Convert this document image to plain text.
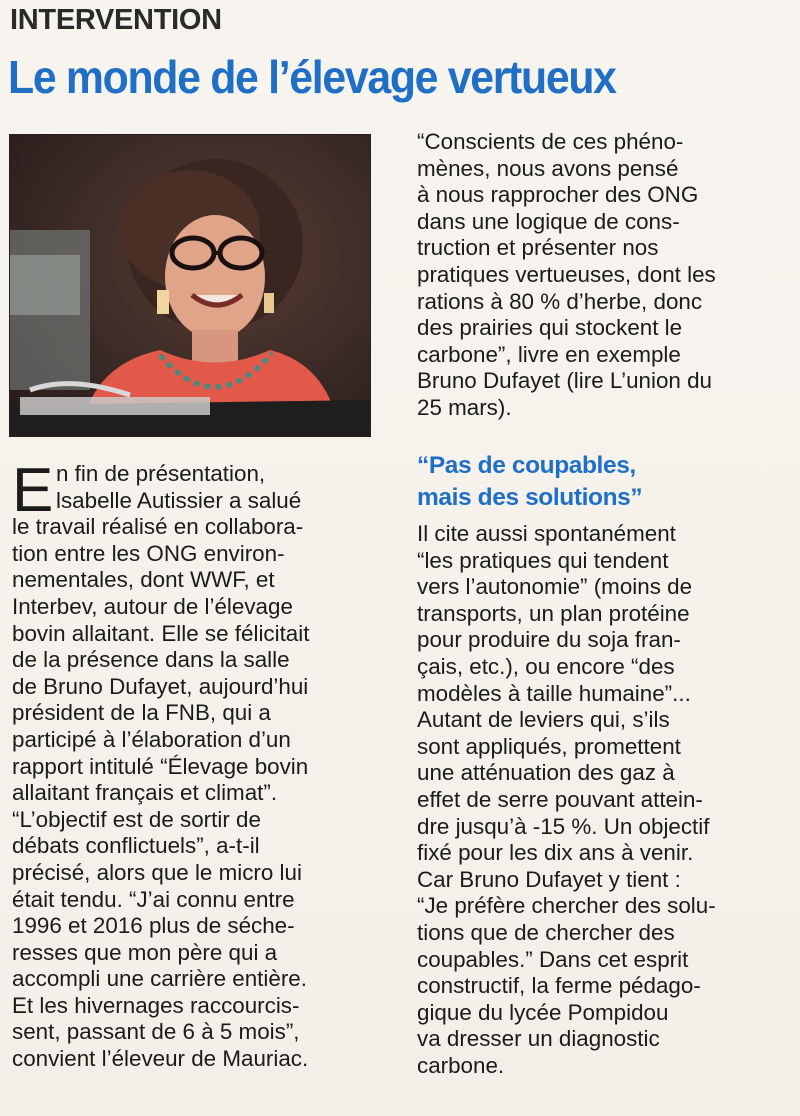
INTERVENTION
Le monde de l’élevage vertueux
“Conscients de ces phéno-
mènes, nous avons pensé
à nous rapprocher des ONG
dans une logique de cons-
truction et présenter nos
pratiques vertueuses, dont les
rations à 80 % d’herbe, donc
des prairies qui stockent le
carbone”, livre en exemple
Bruno Dufayet (lire L’union du
25 mars).
“Pas de coupables,
mais des solutions”
E n fin de présentation,
lsabelle Autissier a salué
le travail réalisé en collabora-
tion entre les ONG environ-
nementales, dont WWF, et
Interbev, autour de l’élevage
bovin allaitant. Elle se félicitait
de la présence dans la salle
de Bruno Dufayet, aujourd’hui
président de la FNB, qui a
participé à l’élaboration d’un
rapport intitulé “Élevage bovin
allaitant français et climat”.
“L’objectif est de sortir de
débats conflictuels”, a-t-il
précisé, alors que le micro lui
était tendu. “J’ai connu entre
1996 et 2016 plus de séche-
resses que mon père qui a
accompli une carrière entière.
Et les hivernages raccourcis-
sent, passant de 6 à 5 mois”,
convient l’éleveur de Mauriac.
Il cite aussi spontanément
“les pratiques qui tendent
vers l’autonomie” (moins de
transports, un plan protéine
pour produire du soja fran-
çais, etc.), ou encore “des
modèles à taille humaine”...
Autant de leviers qui, s’ils
sont appliqués, promettent
une atténuation des gaz à
effet de serre pouvant attein-
dre jusqu’à -15 %. Un objectif
fixé pour les dix ans à venir.
Car Bruno Dufayet y tient :
“Je préfère chercher des solu-
tions que de chercher des
coupables.” Dans cet esprit
constructif, la ferme pédago-
gique du lycée Pompidou
va dresser un diagnostic
carbone.
